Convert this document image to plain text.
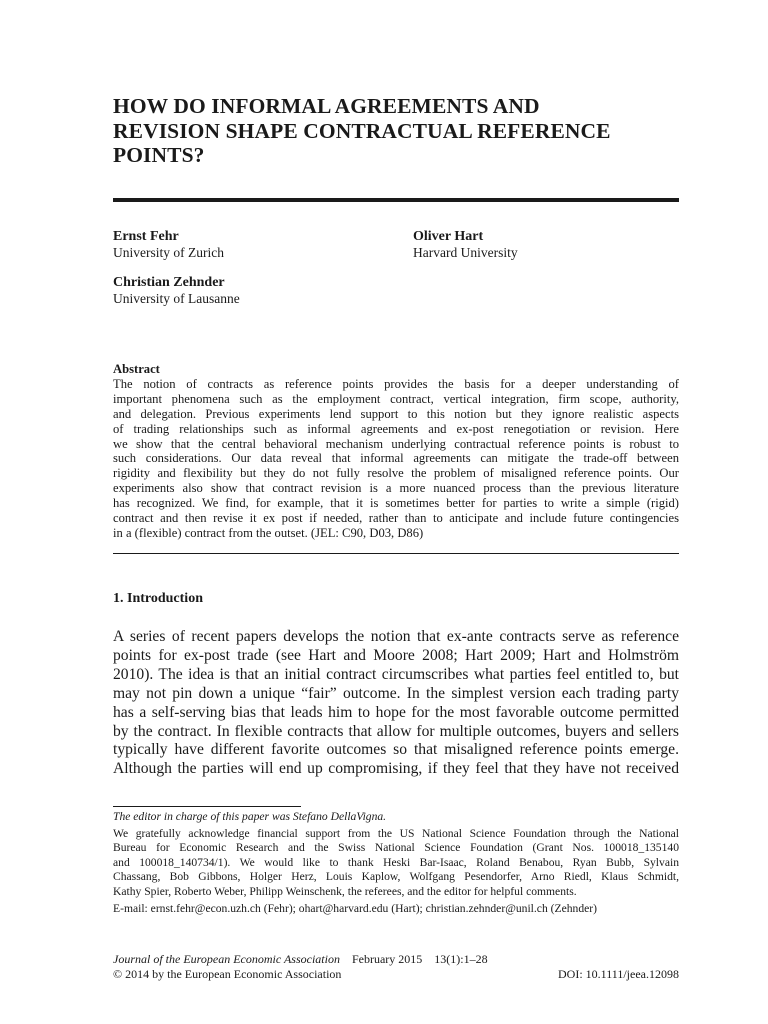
HOW DO INFORMAL AGREEMENTS AND
REVISION SHAPE CONTRACTUAL REFERENCE
POINTS?
Ernst Fehr
University of Zurich
Oliver Hart
Harvard University
Christian Zehnder
University of Lausanne
Abstract
The notion of contracts as reference points provides the basis for a deeper understanding of
important phenomena such as the employment contract, vertical integration, firm scope, authority,
and delegation. Previous experiments lend support to this notion but they ignore realistic aspects
of trading relationships such as informal agreements and ex-post renegotiation or revision. Here
we show that the central behavioral mechanism underlying contractual reference points is robust to
such considerations. Our data reveal that informal agreements can mitigate the trade-off between
rigidity and flexibility but they do not fully resolve the problem of misaligned reference points. Our
experiments also show that contract revision is a more nuanced process than the previous literature
has recognized. We find, for example, that it is sometimes better for parties to write a simple (rigid)
contract and then revise it ex post if needed, rather than to anticipate and include future contingencies
in a (flexible) contract from the outset. (JEL: C90, D03, D86)
1. Introduction
A series of recent papers develops the notion that ex-ante contracts serve as reference
points for ex-post trade (see Hart and Moore 2008; Hart 2009; Hart and Holmström
2010). The idea is that an initial contract circumscribes what parties feel entitled to, but
may not pin down a unique “fair” outcome. In the simplest version each trading party
has a self-serving bias that leads him to hope for the most favorable outcome permitted
by the contract. In flexible contracts that allow for multiple outcomes, buyers and sellers
typically have different favorite outcomes so that misaligned reference points emerge.
Although the parties will end up compromising, if they feel that they have not received
The editor in charge of this paper was Stefano DellaVigna.
We gratefully acknowledge financial support from the US National Science Foundation through the National
Bureau for Economic Research and the Swiss National Science Foundation (Grant Nos. 100018_135140
and 100018_140734/1). We would like to thank Heski Bar-Isaac, Roland Benabou, Ryan Bubb, Sylvain
Chassang, Bob Gibbons, Holger Herz, Louis Kaplow, Wolfgang Pesendorfer, Arno Riedl, Klaus Schmidt,
Kathy Spier, Roberto Weber, Philipp Weinschenk, the referees, and the editor for helpful comments.
E-mail: ernst.fehr@econ.uzh.ch (Fehr); ohart@harvard.edu (Hart); christian.zehnder@unil.ch (Zehnder)
Journal of the European Economic Association February 2015 13(1):1–28
© 2014 by the European Economic Association	DOI: 10.1111/jeea.12098
